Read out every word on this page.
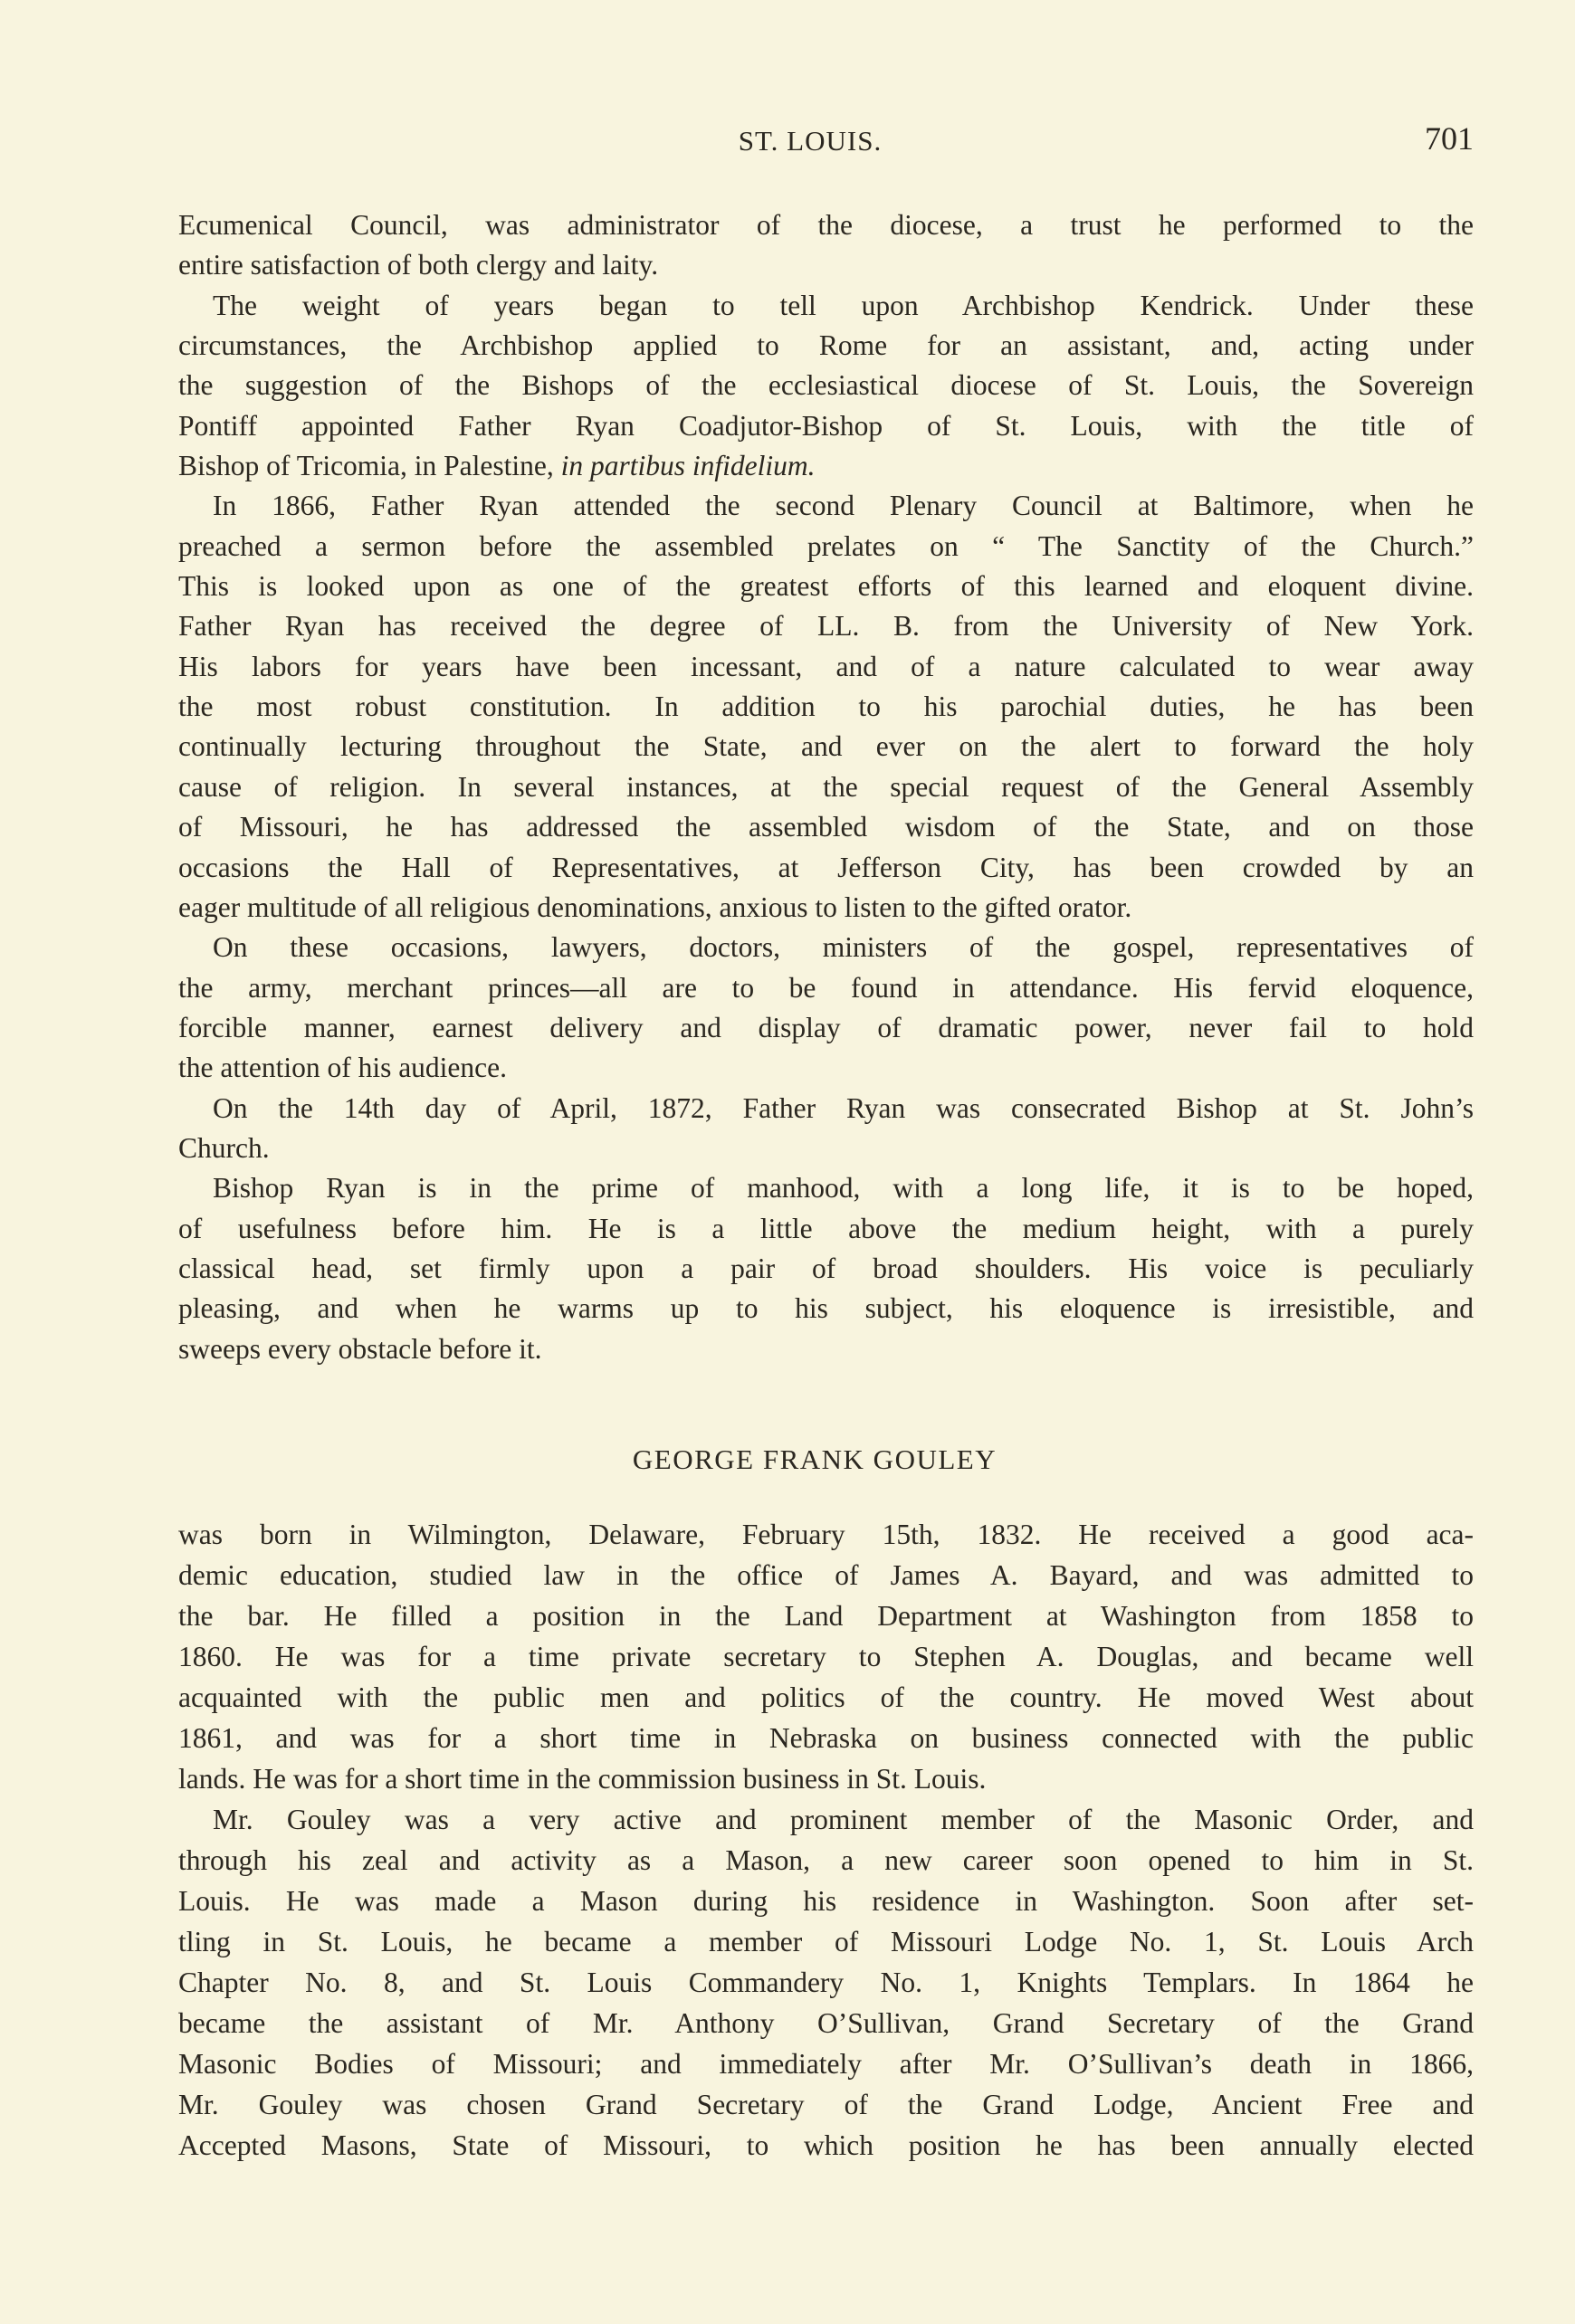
ST. LOUIS.	701
Ecumenical Council, was administrator of the diocese, a trust he performed to the
entire satisfaction of both clergy and laity.
The weight of years began to tell upon Archbishop Kendrick. Under these
circumstances, the Archbishop applied to Rome for an assistant, and, acting under
the suggestion of the Bishops of the ecclesiastical diocese of St. Louis, the Sovereign
Pontiff appointed Father Ryan Coadjutor-Bishop of St. Louis, with the title of
Bishop of Tricomia, in Palestine, in partibus infidelium.
In 1866, Father Ryan attended the second Plenary Council at Baltimore, when he
preached a sermon before the assembled prelates on “ The Sanctity of the Church.”
This is looked upon as one of the greatest efforts of this learned and eloquent divine.
Father Ryan has received the degree of LL. B. from the University of New York.
His labors for years have been incessant, and of a nature calculated to wear away
the most robust constitution. In addition to his parochial duties, he has been
continually lecturing throughout the State, and ever on the alert to forward the holy
cause of religion. In several instances, at the special request of the General Assembly
of Missouri, he has addressed the assembled wisdom of the State, and on those
occasions the Hall of Representatives, at Jefferson City, has been crowded by an
eager multitude of all religious denominations, anxious to listen to the gifted orator.
On these occasions, lawyers, doctors, ministers of the gospel, representatives of
the army, merchant princes—all are to be found in attendance. His fervid eloquence,
forcible manner, earnest delivery and display of dramatic power, never fail to hold
the attention of his audience.
On the 14th day of April, 1872, Father Ryan was consecrated Bishop at St. John’s
Church.
Bishop Ryan is in the prime of manhood, with a long life, it is to be hoped,
of usefulness before him. He is a little above the medium height, with a purely
classical head, set firmly upon a pair of broad shoulders. His voice is peculiarly
pleasing, and when he warms up to his subject, his eloquence is irresistible, and
sweeps every obstacle before it.
GEORGE FRANK GOULEY
was born in Wilmington, Delaware, February 15th, 1832. He received a good aca-
demic education, studied law in the office of James A. Bayard, and was admitted to
the bar. He filled a position in the Land Department at Washington from 1858 to
1860. He was for a time private secretary to Stephen A. Douglas, and became well
acquainted with the public men and politics of the country. He moved West about
1861, and was for a short time in Nebraska on business connected with the public
lands. He was for a short time in the commission business in St. Louis.
Mr. Gouley was a very active and prominent member of the Masonic Order, and
through his zeal and activity as a Mason, a new career soon opened to him in St.
Louis. He was made a Mason during his residence in Washington. Soon after set-
tling in St. Louis, he became a member of Missouri Lodge No. 1, St. Louis Arch
Chapter No. 8, and St. Louis Commandery No. 1, Knights Templars. In 1864 he
became the assistant of Mr. Anthony O’Sullivan, Grand Secretary of the Grand
Masonic Bodies of Missouri; and immediately after Mr. O’Sullivan’s death in 1866,
Mr. Gouley was chosen Grand Secretary of the Grand Lodge, Ancient Free and
Accepted Masons, State of Missouri, to which position he has been annually elected
